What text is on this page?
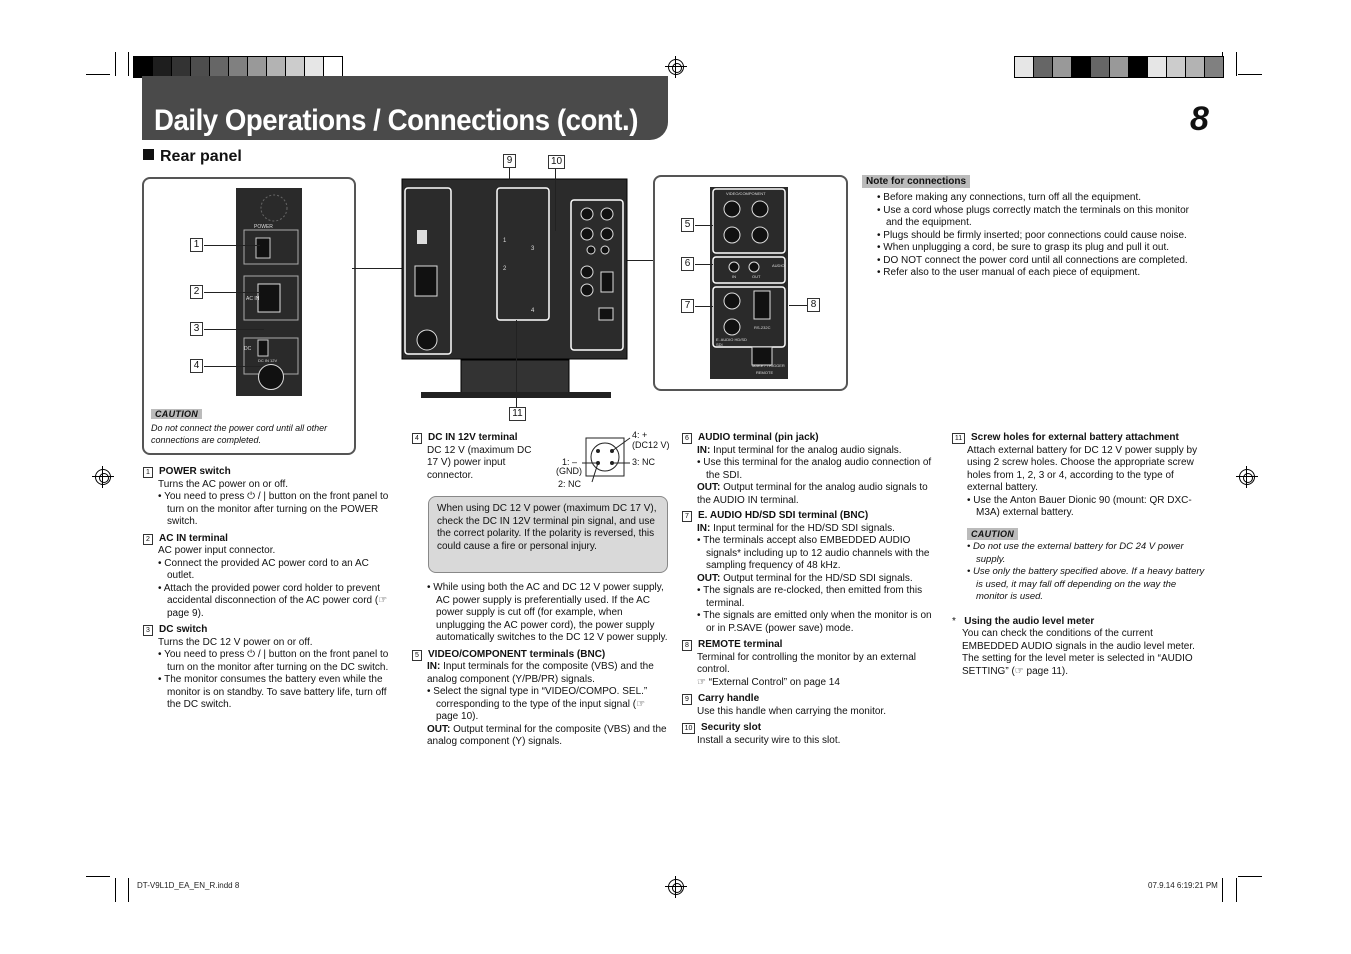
Daily Operations / Connections (cont.)	8
Rear panel
POWER
AC IN
DC
DC IN 12V
1
2
3
4
CAUTION
Do not connect the power cord until all other connections are completed.
1
2
3
4
9	10
11
VIDEO/COMPONENT
AUDIO
IN	OUT
E. AUDIO HD/SD SDI
RS-232C
MAKE / TRIGGER
REMOTE
5
6
7	8
Note for connections

• Before making any connections, turn off all the equipment.

• Use a cord whose plugs correctly match the terminals on this monitor and the equipment.

• Plugs should be firmly inserted; poor connections could cause noise.

• When unplugging a cord, be sure to grasp its plug and pull it out.

• DO NOT connect the power cord until all connections are completed.

• Refer also to the user manual of each piece of equipment.

1 POWER switch

Turns the AC power on or off.

• You need to press ⏻ / | button on the front panel to turn on the monitor after turning on the POWER switch.

2 AC IN terminal

AC power input connector.

• Connect the provided AC power cord to an AC outlet.

• Attach the provided power cord holder to prevent accidental disconnection of the AC power cord (☞ page 9).

3 DC switch

Turns the DC 12 V power on or off.

• You need to press ⏻ / | button on the front panel to turn on the monitor after turning on the DC switch.

• The monitor consumes the battery even while the monitor is on standby. To save battery life, turn off the DC switch.

4 DC IN 12V terminal

DC 12 V (maximum DC 17 V) power input connector.

4: +
(DC12 V)
3: NC
1: –
(GND)
2: NC
When using DC 12 V power (maximum DC 17 V), check the DC IN 12V terminal pin signal, and use the correct polarity. If the polarity is reversed, this could cause a fire or personal injury.

• While using both the AC and DC 12 V power supply, AC power supply is preferentially used. If the AC power supply is cut off (for example, when unplugging the AC power cord), the power supply automatically switches to the DC 12 V power supply.

5 VIDEO/COMPONENT terminals (BNC)

IN: Input terminals for the composite (VBS) and the analog component (Y/PB/PR) signals.

• Select the signal type in “VIDEO/COMPO. SEL.” corresponding to the type of the input signal (☞ page 10).

OUT: Output terminal for the composite (VBS) and the analog component (Y) signals.

6 AUDIO terminal (pin jack)

IN: Input terminal for the analog audio signals.

• Use this terminal for the analog audio connection of the SDI.

OUT: Output terminal for the analog audio signals to the AUDIO IN terminal.

7 E. AUDIO HD/SD SDI terminal (BNC)

IN: Input terminal for the HD/SD SDI signals.

• The terminals accept also EMBEDDED AUDIO signals* including up to 12 audio channels with the sampling frequency of 48 kHz.

OUT: Output terminal for the HD/SD SDI signals.

• The signals are re-clocked, then emitted from this terminal.

• The signals are emitted only when the monitor is on or in P.SAVE (power save) mode.

8 REMOTE terminal

Terminal for controlling the monitor by an external control.

☞ “External Control” on page 14

9 Carry handle

Use this handle when carrying the monitor.

10 Security slot

Install a security wire to this slot.

11 Screw holes for external battery attachment

Attach external battery for DC 12 V power supply by using 2 screw holes. Choose the appropriate screw holes from 1, 2, 3 or 4, according to the type of external battery.

• Use the Anton Bauer Dionic 90 (mount: QR DXC-M3A) external battery.

CAUTION

• Do not use the external battery for DC 24 V power supply.

• Use only the battery specified above. If a heavy battery is used, it may fall off depending on the way the monitor is used.

* Using the audio level meter

You can check the conditions of the current EMBEDDED AUDIO signals in the audio level meter. The setting for the level meter is selected in “AUDIO SETTING” (☞ page 11).

DT-V9L1D_EA_EN_R.indd 8	07.9.14 6:19:21 PM
